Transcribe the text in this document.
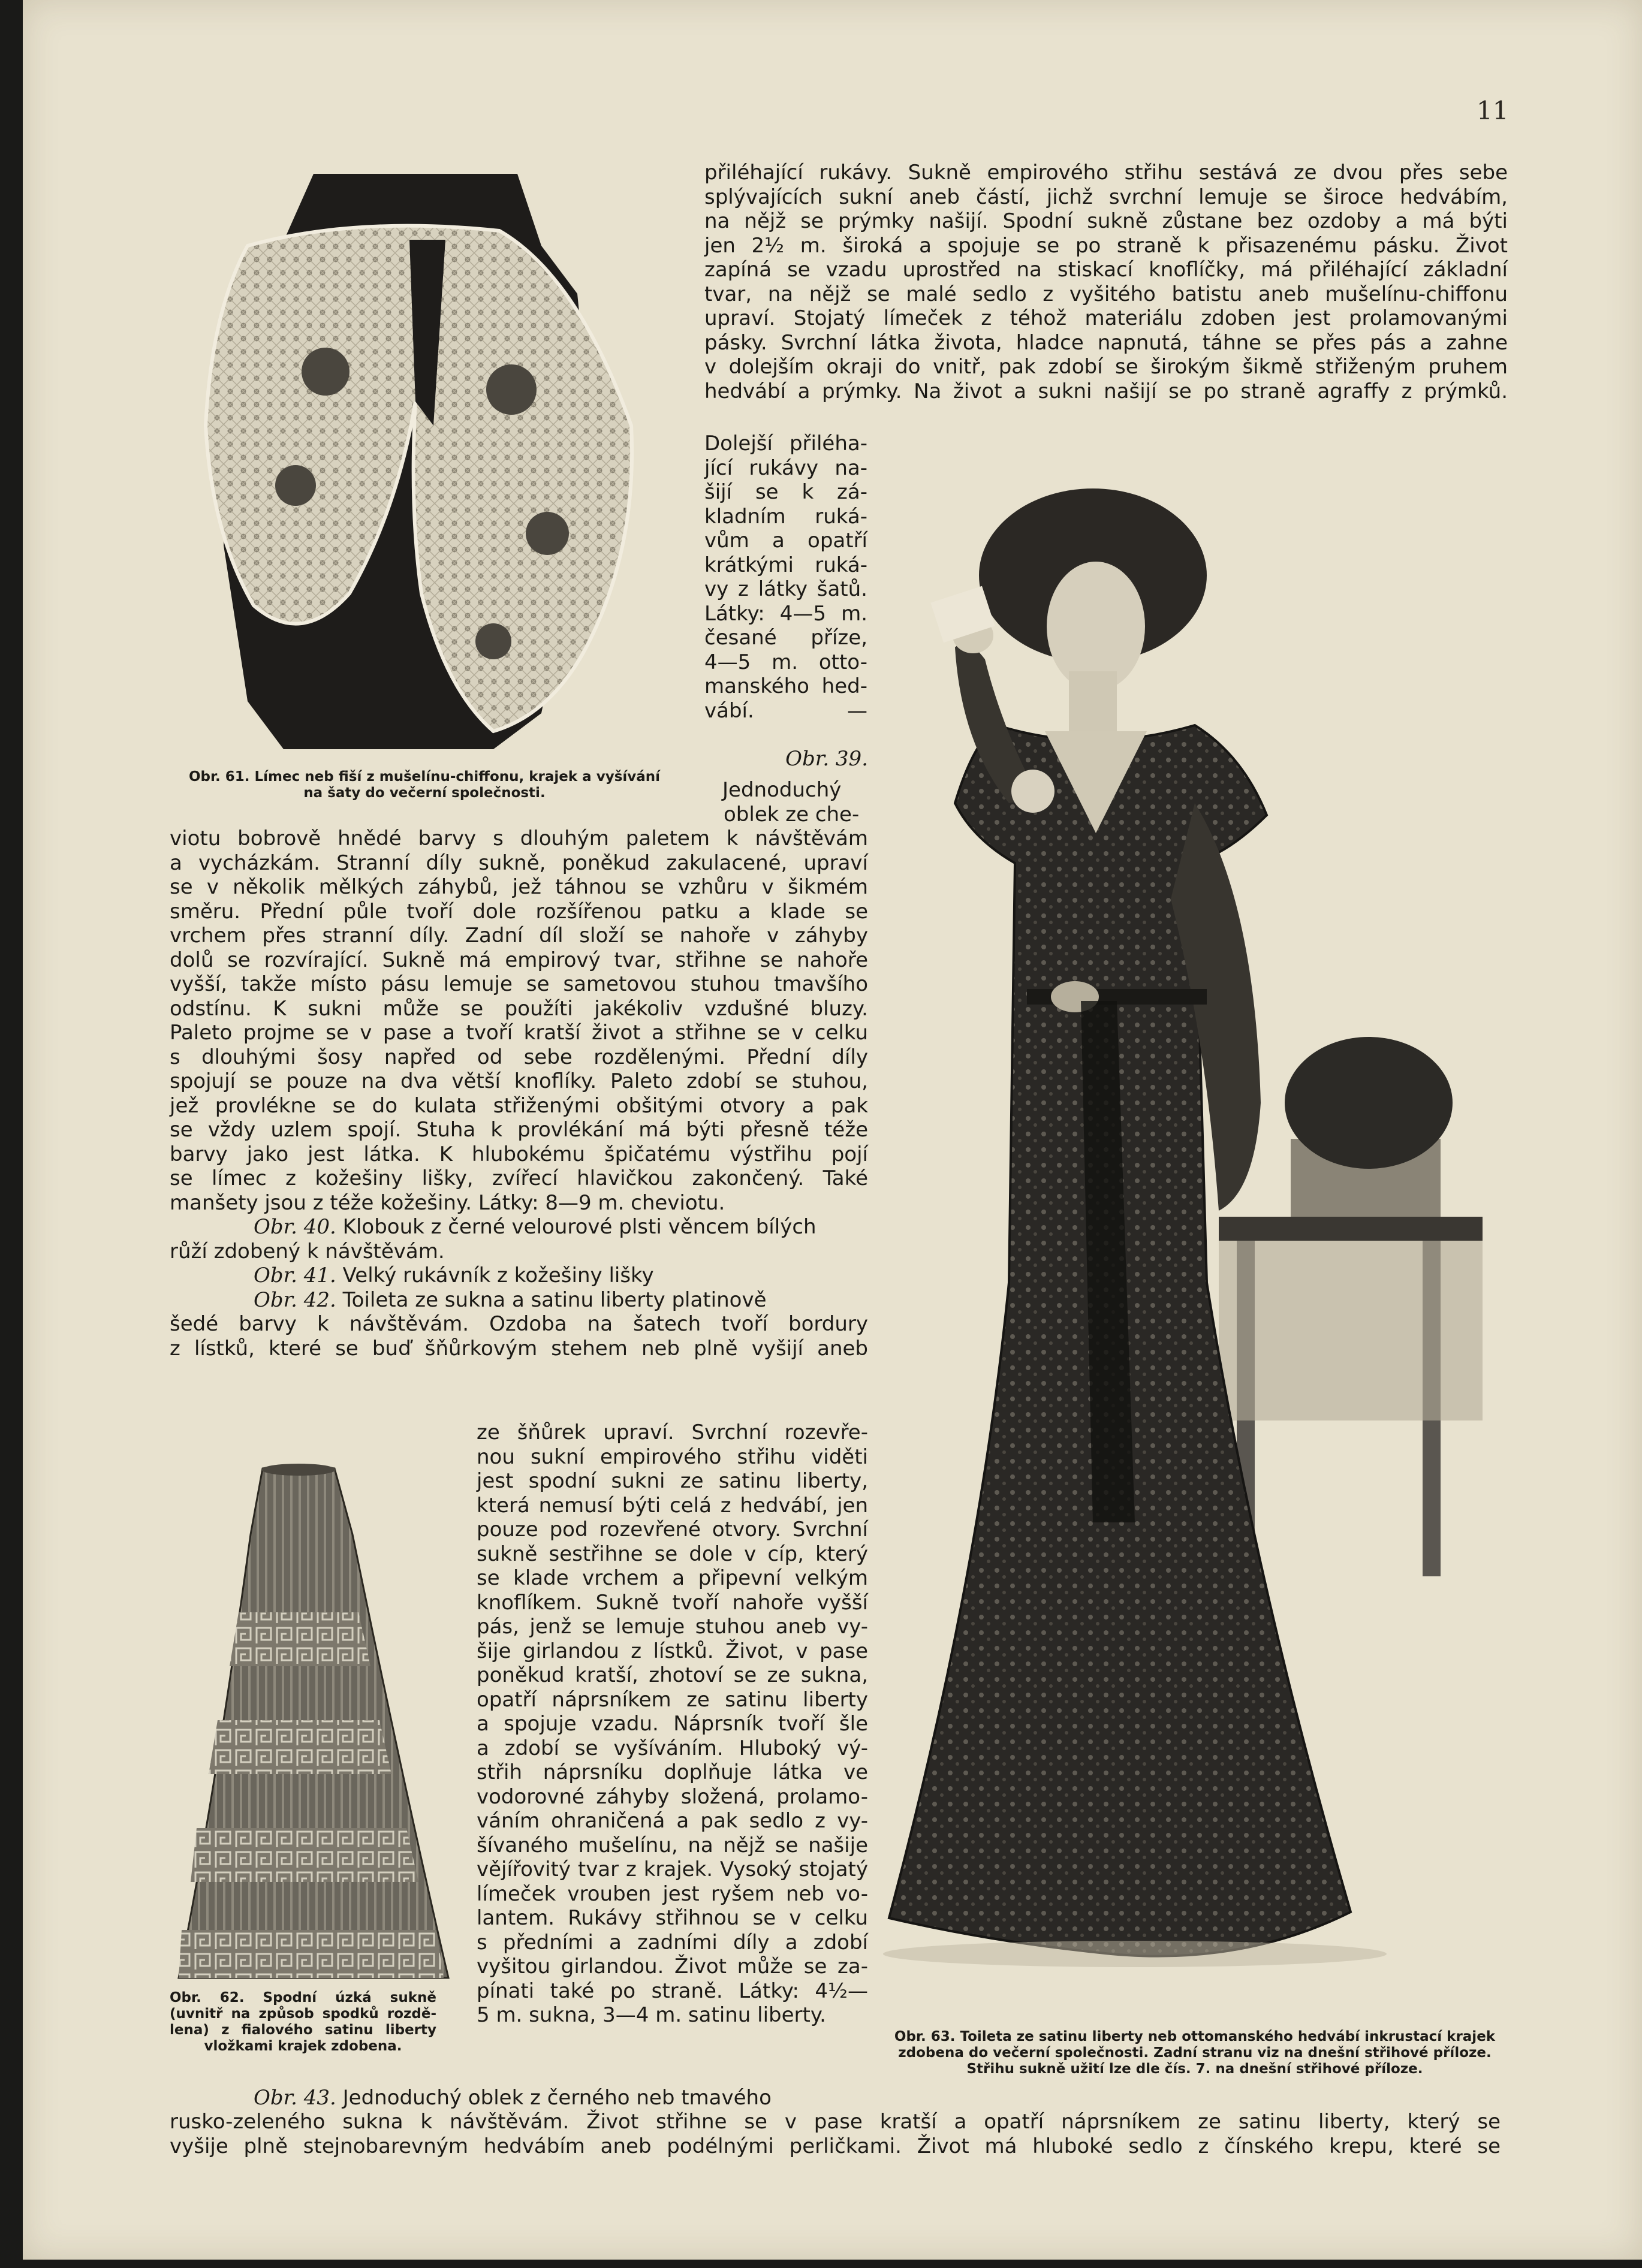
11
Obr. 61. Límec neb fiší z mušelínu-chiffonu, krajek a vyšívání
na šaty do večerní společnosti.

přiléhající rukávy. Sukně empirového střihu sestává ze dvou přes sebe

splývajících sukní aneb částí, jichž svrchní lemuje se široce hedvábím,

na nějž se prýmky našijí. Spodní sukně zůstane bez ozdoby a má býti

jen 2½ m. široká a spojuje se po straně k přisazenému pásku. Život

zapíná se vzadu uprostřed na stiskací knoflíčky, má přiléhající základní

tvar, na nějž se malé sedlo z vyšitého batistu aneb mušelínu-chiffonu

upraví. Stojatý límeček z téhož materiálu zdoben jest prolamovanými

pásky. Svrchní látka života, hladce napnutá, táhne se přes pás a zahne

v dolejším okraji do vnitř, pak zdobí se širokým šikmě střiženým pruhem

hedvábí a prýmky. Na život a sukni našijí se po straně agraffy z prýmků.

Dolejší přiléha-

jící rukávy na-

šijí se k zá-

kladním ruká-

vům a opatří

krátkými ruká-

vy z látky šatů.

Látky: 4—5 m.

česané příze,

4—5 m. otto-

manského hed-

vábí. —

Obr. 39.

Jednoduchý

oblek ze che-

viotu bobrově hnědé barvy s dlouhým paletem k návštěvám

a vycházkám. Stranní díly sukně, poněkud zakulacené, upraví

se v několik mělkých záhybů, jež táhnou se vzhůru v šikmém

směru. Přední půle tvoří dole rozšířenou patku a klade se

vrchem přes stranní díly. Zadní díl složí se nahoře v záhyby

dolů se rozvírající. Sukně má empirový tvar, střihne se nahoře

vyšší, takže místo pásu lemuje se sametovou stuhou tmavšího

odstínu. K sukni může se použíti jakékoliv vzdušné bluzy.

Paleto projme se v pase a tvoří kratší život a střihne se v celku

s dlouhými šosy napřed od sebe rozdělenými. Přední díly

spojují se pouze na dva větší knoflíky. Paleto zdobí se stuhou,

jež provlékne se do kulata střiženými obšitými otvory a pak

se vždy uzlem spojí. Stuha k provlékání má býti přesně téže

barvy jako jest látka. K hlubokému špičatému výstřihu pojí

se límec z kožešiny lišky, zvířecí hlavičkou zakončený. Také

manšety jsou z téže kožešiny. Látky: 8—9 m. cheviotu.

Obr. 40. Klobouk z černé velourové plsti věncem bílých

růží zdobený k návštěvám.

Obr. 41. Velký rukávník z kožešiny lišky

Obr. 42. Toileta ze sukna a satinu liberty platinově

šedé barvy k návštěvám. Ozdoba na šatech tvoří bordury

z lístků, které se buď šňůrkovým stehem neb plně vyšijí aneb

Obr. 62. Spodní úzká sukně
(uvnitř na způsob spodků rozdě-
lena) z fialového satinu liberty
vložkami krajek zdobena.

ze šňůrek upraví. Svrchní rozevře-

nou sukní empirového střihu viděti

jest spodní sukni ze satinu liberty,

která nemusí býti celá z hedvábí, jen

pouze pod rozevřené otvory. Svrchní

sukně sestřihne se dole v cíp, který

se klade vrchem a připevní velkým

knoflíkem. Sukně tvoří nahoře vyšší

pás, jenž se lemuje stuhou aneb vy-

šije girlandou z lístků. Život, v pase

poněkud kratší, zhotoví se ze sukna,

opatří náprsníkem ze satinu liberty

a spojuje vzadu. Náprsník tvoří šle

a zdobí se vyšíváním. Hluboký vý-

střih náprsníku doplňuje látka ve

vodorovné záhyby složená, prolamo-

váním ohraničená a pak sedlo z vy-

šívaného mušelínu, na nějž se našije

vějířovitý tvar z krajek. Vysoký stojatý

límeček vrouben jest ryšem neb vo-

lantem. Rukávy střihnou se v celku

s předními a zadními díly a zdobí

vyšitou girlandou. Život může se za-

pínati také po straně. Látky: 4½—

5 m. sukna, 3—4 m. satinu liberty.

Obr. 63. Toileta ze satinu liberty neb ottomanského hedvábí inkrustací krajek
zdobena do večerní společnosti. Zadní stranu viz na dnešní střihové příloze.
Střihu sukně užití lze dle čís. 7. na dnešní střihové příloze.

Obr. 43. Jednoduchý oblek z černého neb tmavého

rusko-zeleného sukna k návštěvám. Život střihne se v pase kratší a opatří náprsníkem ze satinu liberty, který se

vyšije plně stejnobarevným hedvábím aneb podélnými perličkami. Život má hluboké sedlo z čínského krepu, které se
